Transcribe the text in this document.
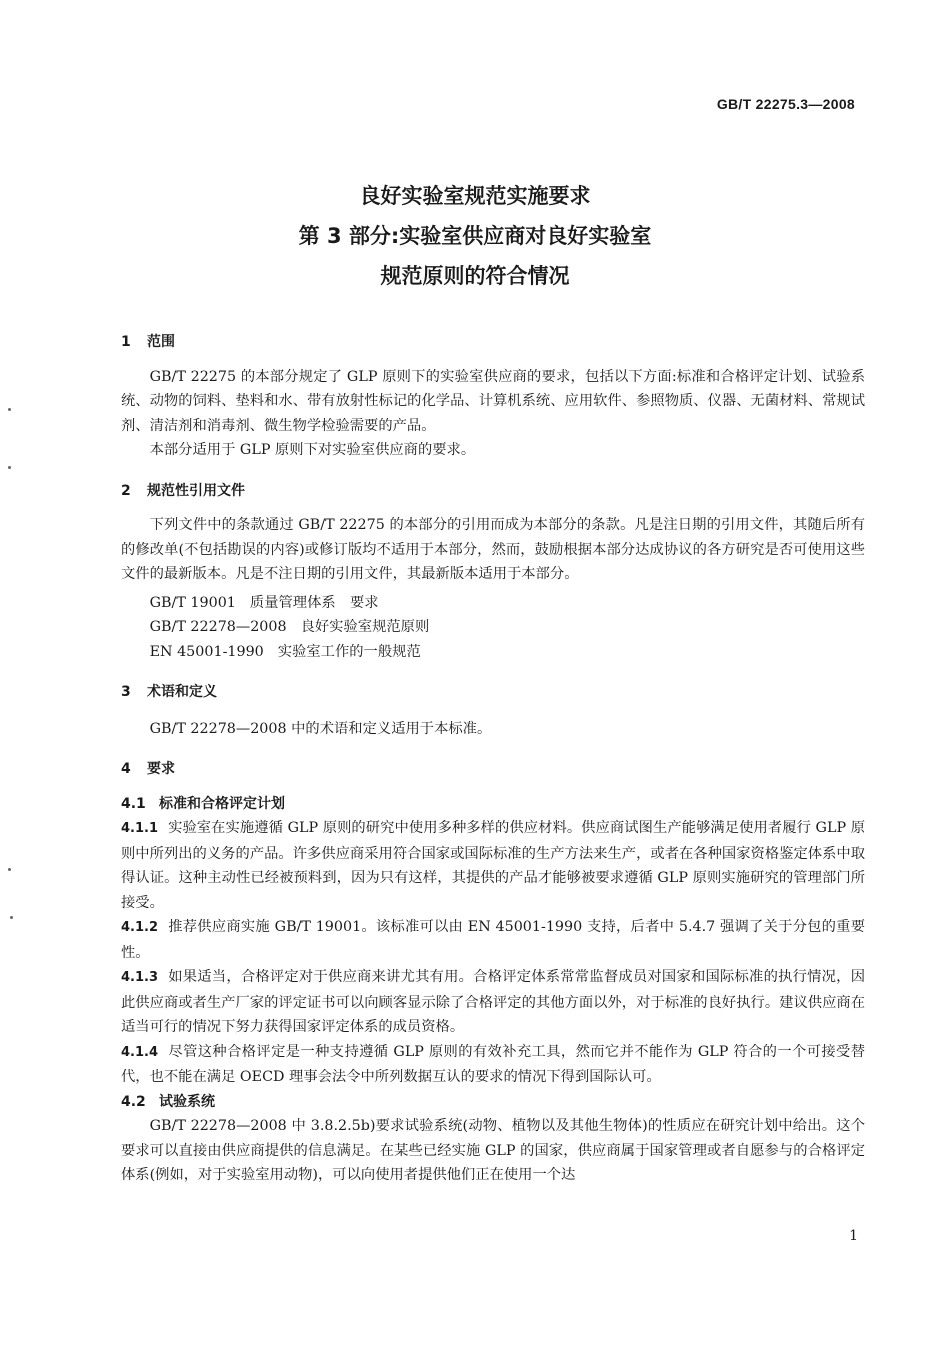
GB/T 22275.3—2008
良好实验室规范实施要求
第 3 部分:实验室供应商对良好实验室
规范原则的符合情况
1 范围

GB/T 22275 的本部分规定了 GLP 原则下的实验室供应商的要求，包括以下方面:标准和合格评定计划、试验系统、动物的饲料、垫料和水、带有放射性标记的化学品、计算机系统、应用软件、参照物质、仪器、无菌材料、常规试剂、清洁剂和消毒剂、微生物学检验需要的产品。

本部分适用于 GLP 原则下对实验室供应商的要求。

2 规范性引用文件

下列文件中的条款通过 GB/T 22275 的本部分的引用而成为本部分的条款。凡是注日期的引用文件，其随后所有的修改单(不包括勘误的内容)或修订版均不适用于本部分，然而，鼓励根据本部分达成协议的各方研究是否可使用这些文件的最新版本。凡是不注日期的引用文件，其最新版本适用于本部分。

GB/T 19001 质量管理体系　要求

GB/T 22278—2008 良好实验室规范原则

EN 45001-1990 实验室工作的一般规范

3 术语和定义

GB/T 22278—2008 中的术语和定义适用于本标准。

4 要求
4.1 标准和合格评定计划

4.1.1 实验室在实施遵循 GLP 原则的研究中使用多种多样的供应材料。供应商试图生产能够满足使用者履行 GLP 原则中所列出的义务的产品。许多供应商采用符合国家或国际标准的生产方法来生产，或者在各种国家资格鉴定体系中取得认证。这种主动性已经被预料到，因为只有这样，其提供的产品才能够被要求遵循 GLP 原则实施研究的管理部门所接受。

4.1.2 推荐供应商实施 GB/T 19001。该标准可以由 EN 45001-1990 支持，后者中 5.4.7 强调了关于分包的重要性。

4.1.3 如果适当，合格评定对于供应商来讲尤其有用。合格评定体系常常监督成员对国家和国际标准的执行情况，因此供应商或者生产厂家的评定证书可以向顾客显示除了合格评定的其他方面以外，对于标准的良好执行。建议供应商在适当可行的情况下努力获得国家评定体系的成员资格。

4.1.4 尽管这种合格评定是一种支持遵循 GLP 原则的有效补充工具，然而它并不能作为 GLP 符合的一个可接受替代，也不能在满足 OECD 理事会法令中所列数据互认的要求的情况下得到国际认可。

4.2 试验系统

GB/T 22278—2008 中 3.8.2.5b)要求试验系统(动物、植物以及其他生物体)的性质应在研究计划中给出。这个要求可以直接由供应商提供的信息满足。在某些已经实施 GLP 的国家，供应商属于国家管理或者自愿参与的合格评定体系(例如，对于实验室用动物)，可以向使用者提供他们正在使用一个达

1
